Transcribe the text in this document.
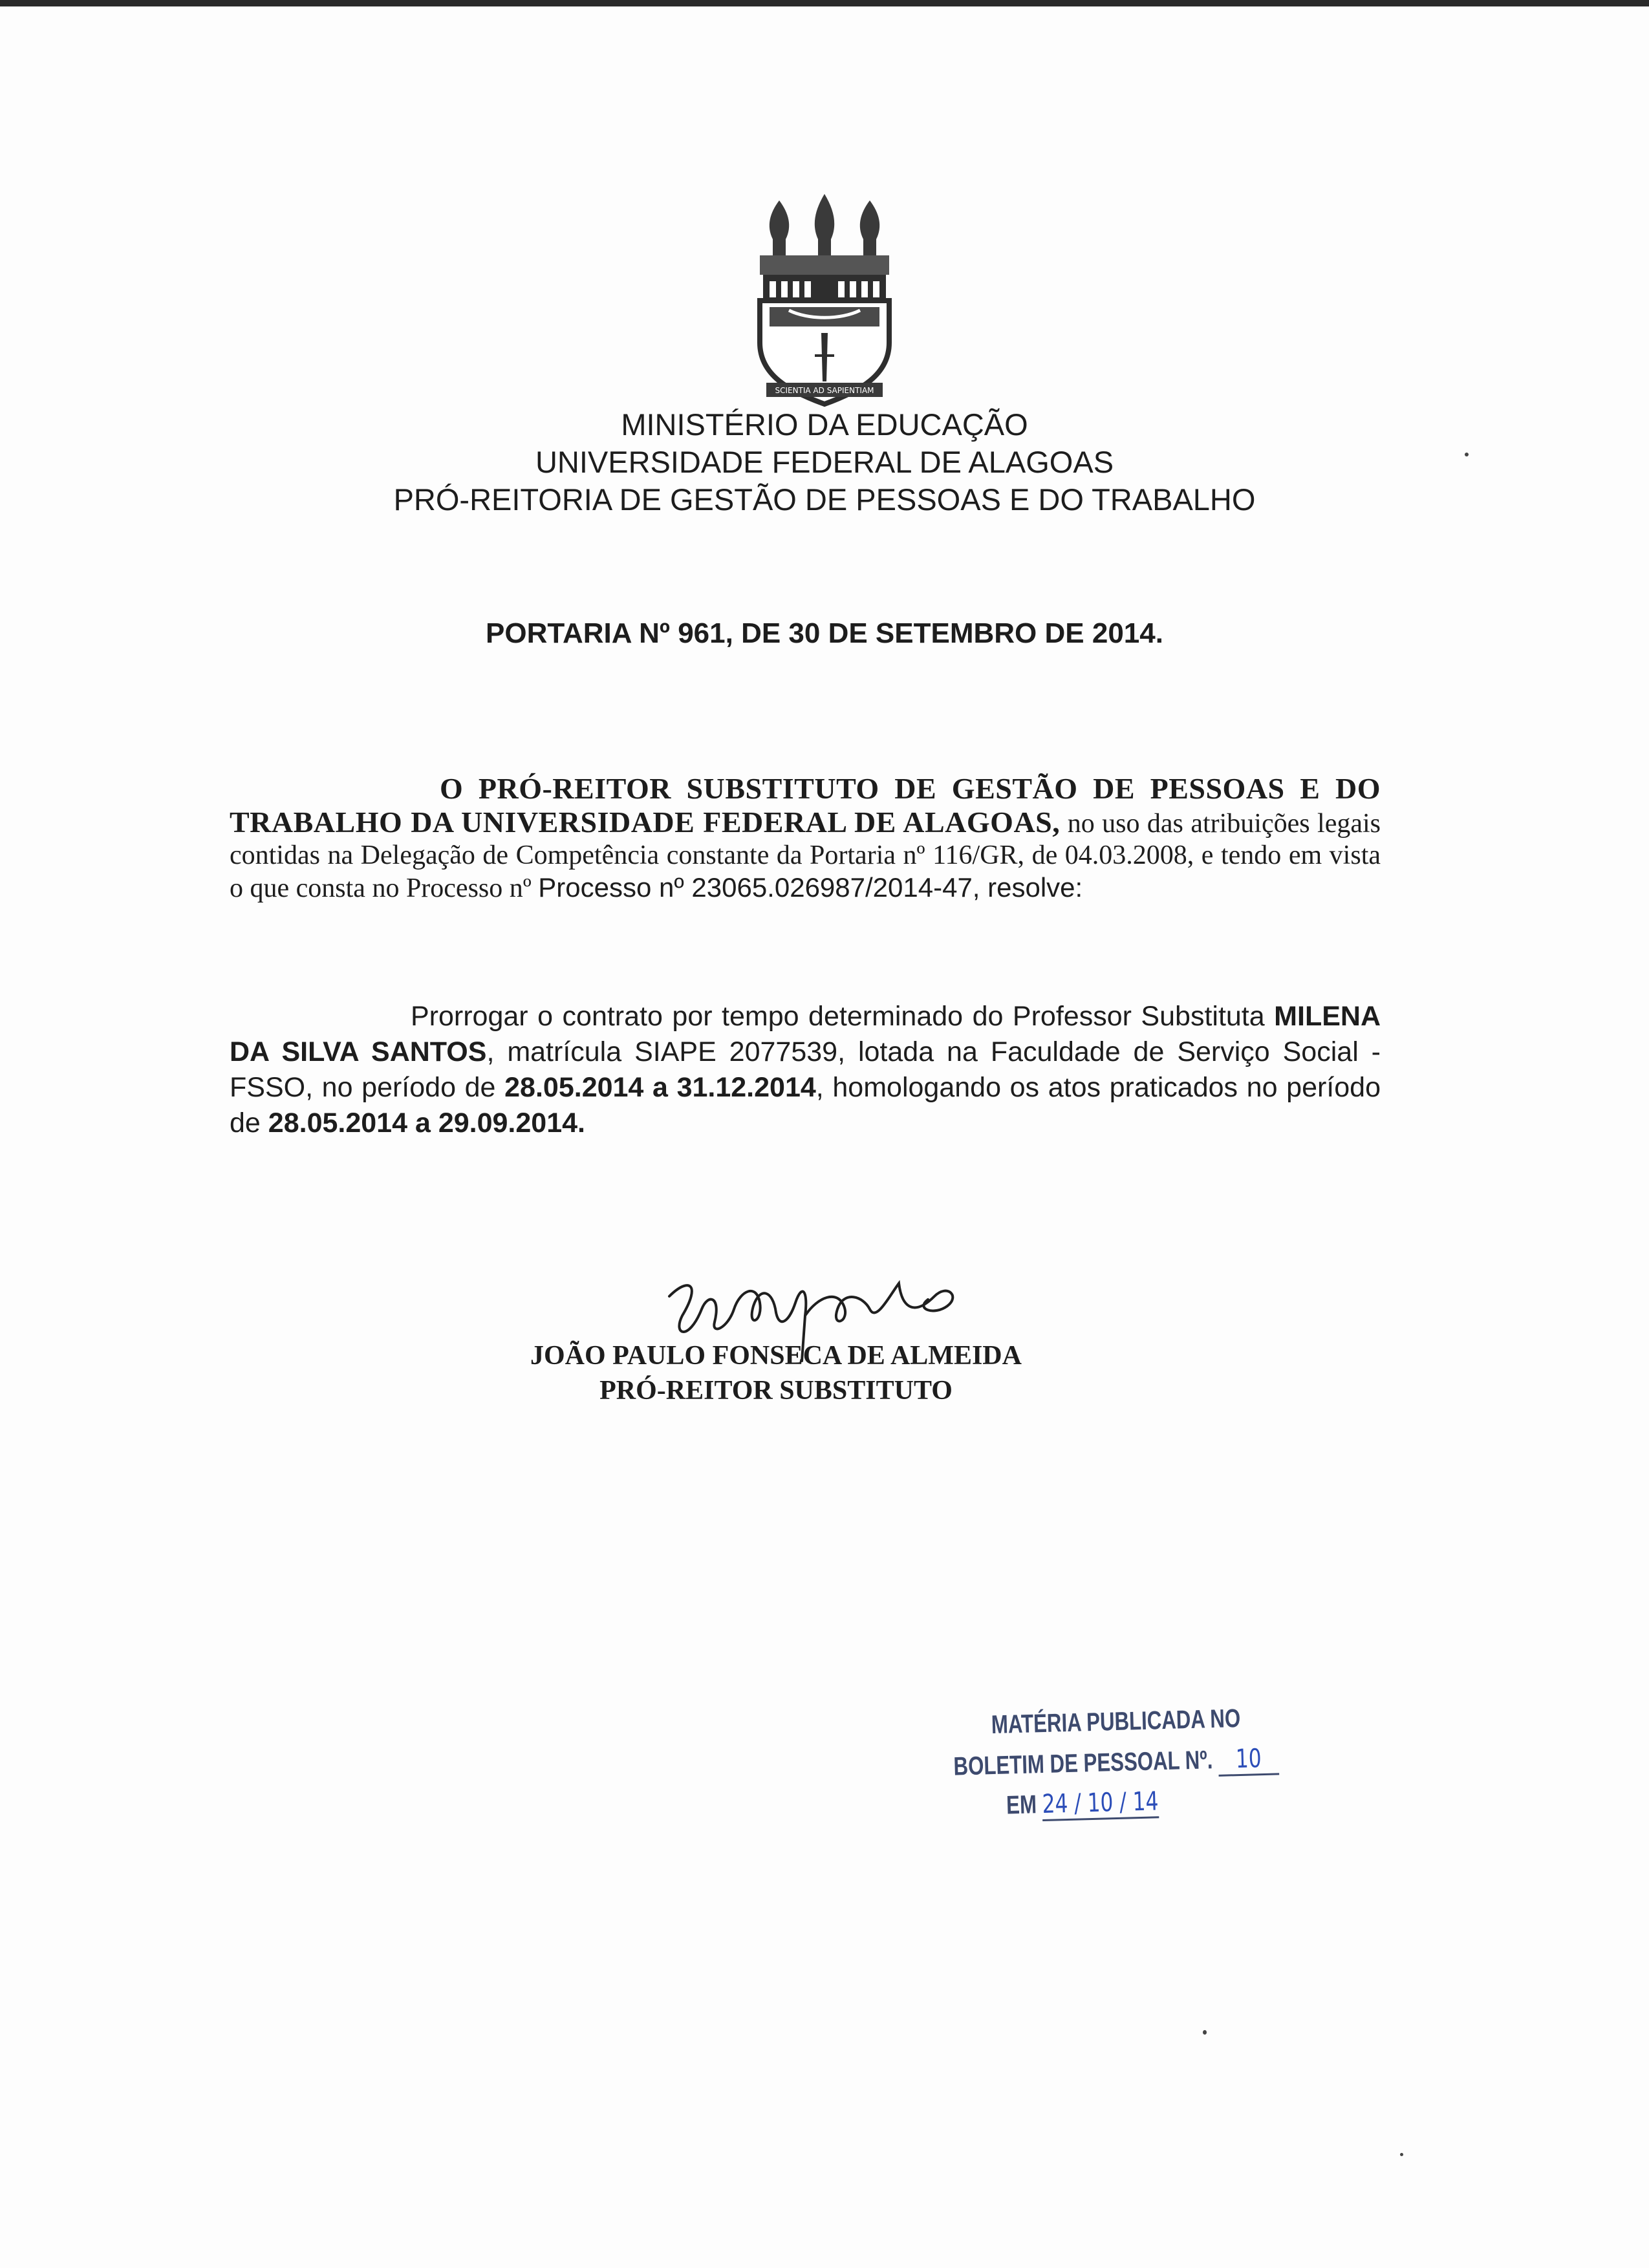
SCIENTIA AD SAPIENTIAM
MINISTÉRIO DA EDUCAÇÃO
UNIVERSIDADE FEDERAL DE ALAGOAS
PRÓ-REITORIA DE GESTÃO DE PESSOAS E DO TRABALHO
PORTARIA Nº 961, DE 30 DE SETEMBRO DE 2014.
O PRÓ-REITOR SUBSTITUTO DE GESTÃO DE PESSOAS E DO TRABALHO DA UNIVERSIDADE FEDERAL DE ALAGOAS, no uso das atribuições legais contidas na Delegação de Competência constante da Portaria nº 116/GR, de 04.03.2008, e tendo em vista o que consta no Processo nº Processo nº 23065.026987/2014-47, resolve:
Prorrogar o contrato por tempo determinado do Professor Substituta MILENA DA SILVA SANTOS, matrícula SIAPE 2077539, lotada na Faculdade de Serviço Social -FSSO, no período de 28.05.2014 a 31.12.2014, homologando os atos praticados no período de 28.05.2014 a 29.09.2014.
JOÃO PAULO FONSECA DE ALMEIDA
PRÓ-REITOR SUBSTITUTO
MATÉRIA PUBLICADA NO
BOLETIM DE PESSOAL Nº. 10
EM 24 / 10 / 14
